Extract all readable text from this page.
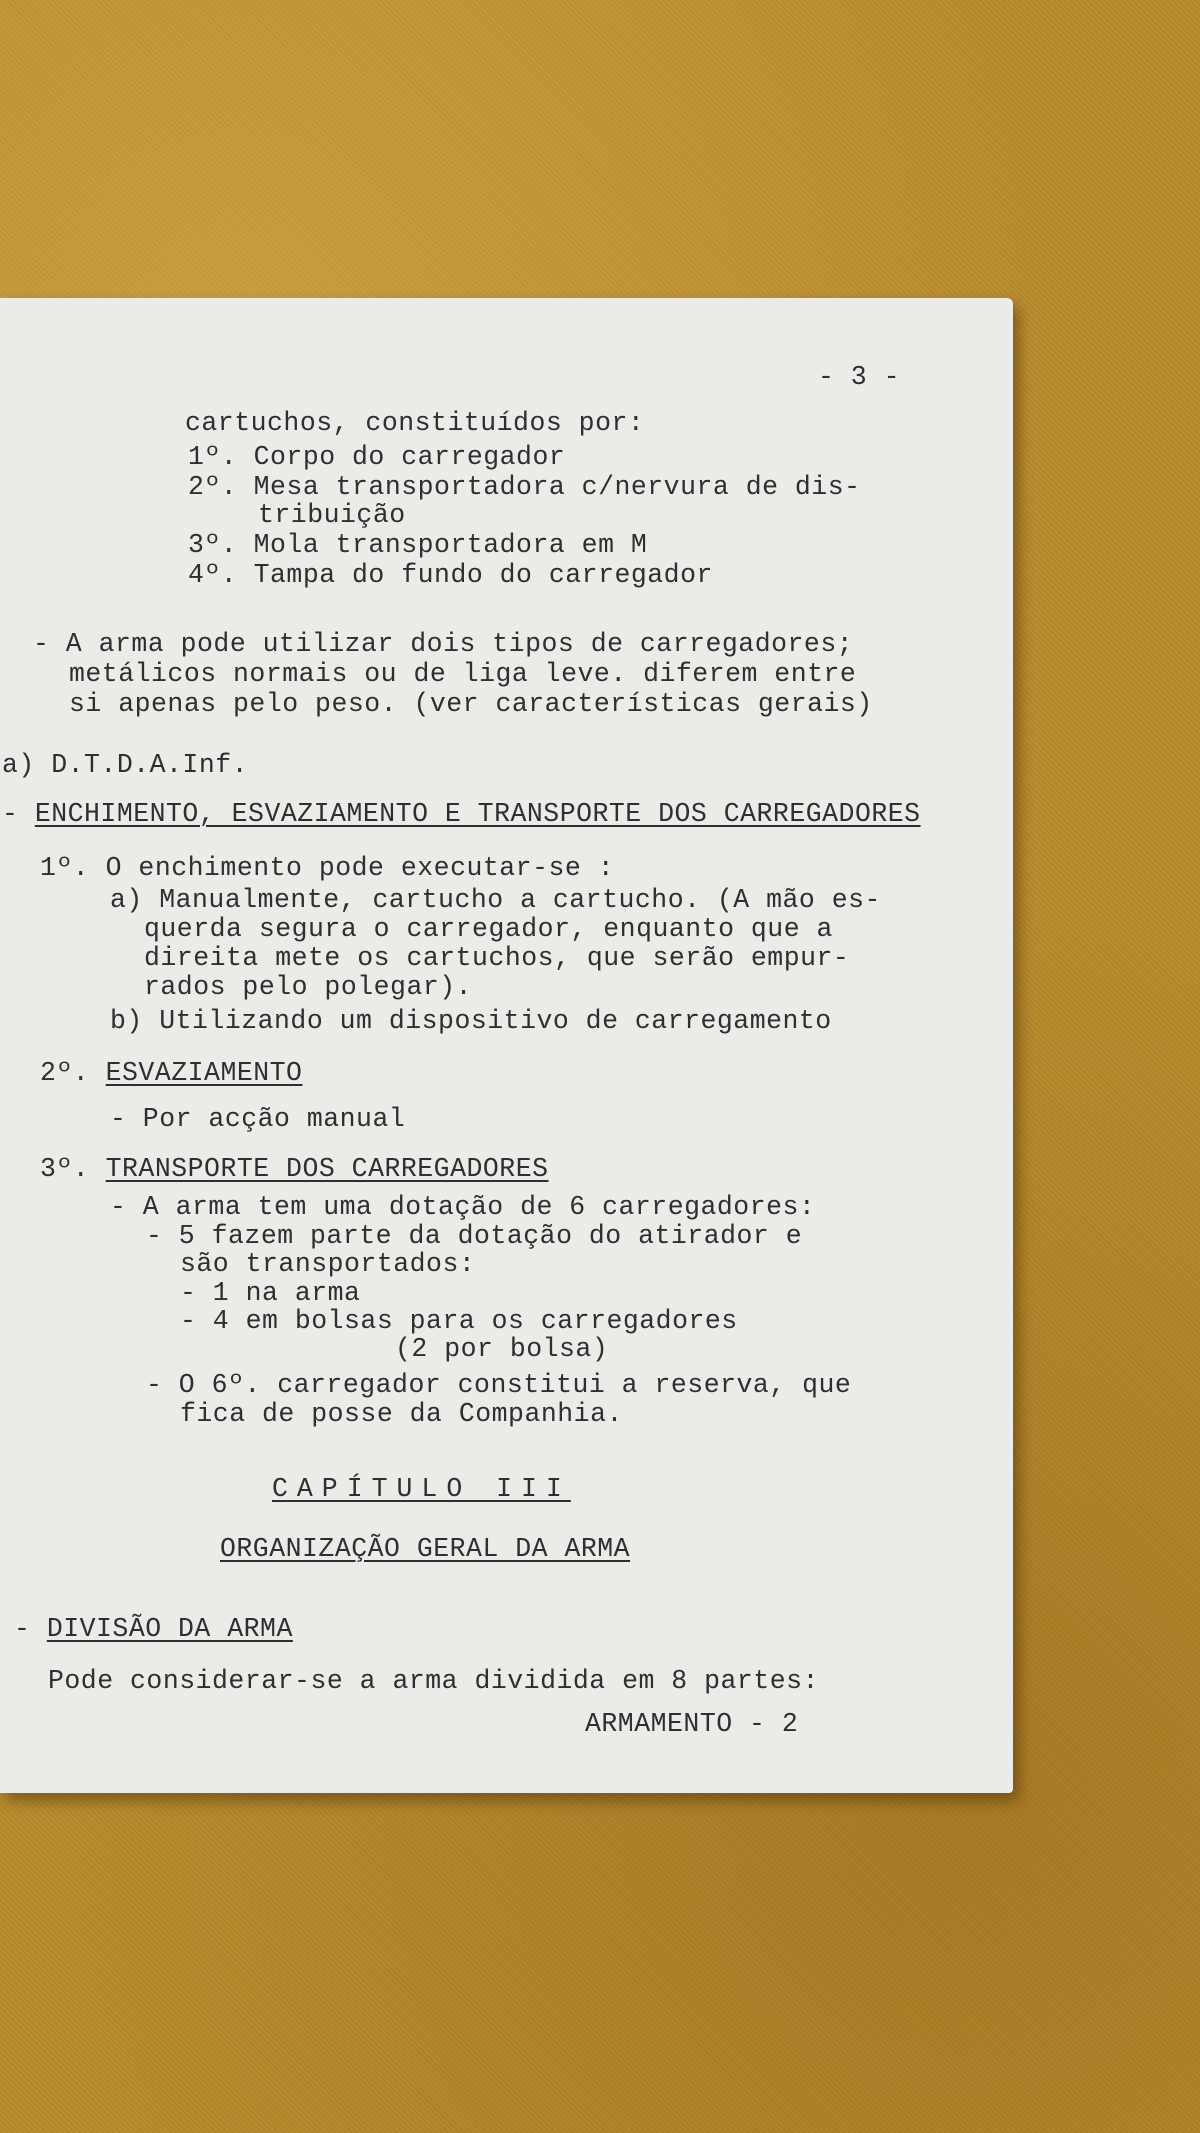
- 3 -
cartuchos, constituídos por:
1º. Corpo do carregador
2º. Mesa transportadora c/nervura de dis-
tribuição
3º. Mola transportadora em M
4º. Tampa do fundo do carregador
- A arma pode utilizar dois tipos de carregadores;
metálicos normais ou de liga leve. diferem entre
si apenas pelo peso. (ver características gerais)
a) D.T.D.A.Inf.
- ENCHIMENTO, ESVAZIAMENTO E TRANSPORTE DOS CARREGADORES
1º. O enchimento pode executar-se :
a) Manualmente, cartucho a cartucho. (A mão es-
querda segura o carregador, enquanto que a
direita mete os cartuchos, que serão empur-
rados pelo polegar).
b) Utilizando um dispositivo de carregamento
2º. ESVAZIAMENTO
- Por acção manual
3º. TRANSPORTE DOS CARREGADORES
- A arma tem uma dotação de 6 carregadores:
- 5 fazem parte da dotação do atirador e
são transportados:
- 1 na arma
- 4 em bolsas para os carregadores
(2 por bolsa)
- O 6º. carregador constitui a reserva, que
fica de posse da Companhia.
CAPÍTULO III
ORGANIZAÇÃO GERAL DA ARMA
- DIVISÃO DA ARMA
Pode considerar-se a arma dividida em 8 partes:
ARMAMENTO - 2
